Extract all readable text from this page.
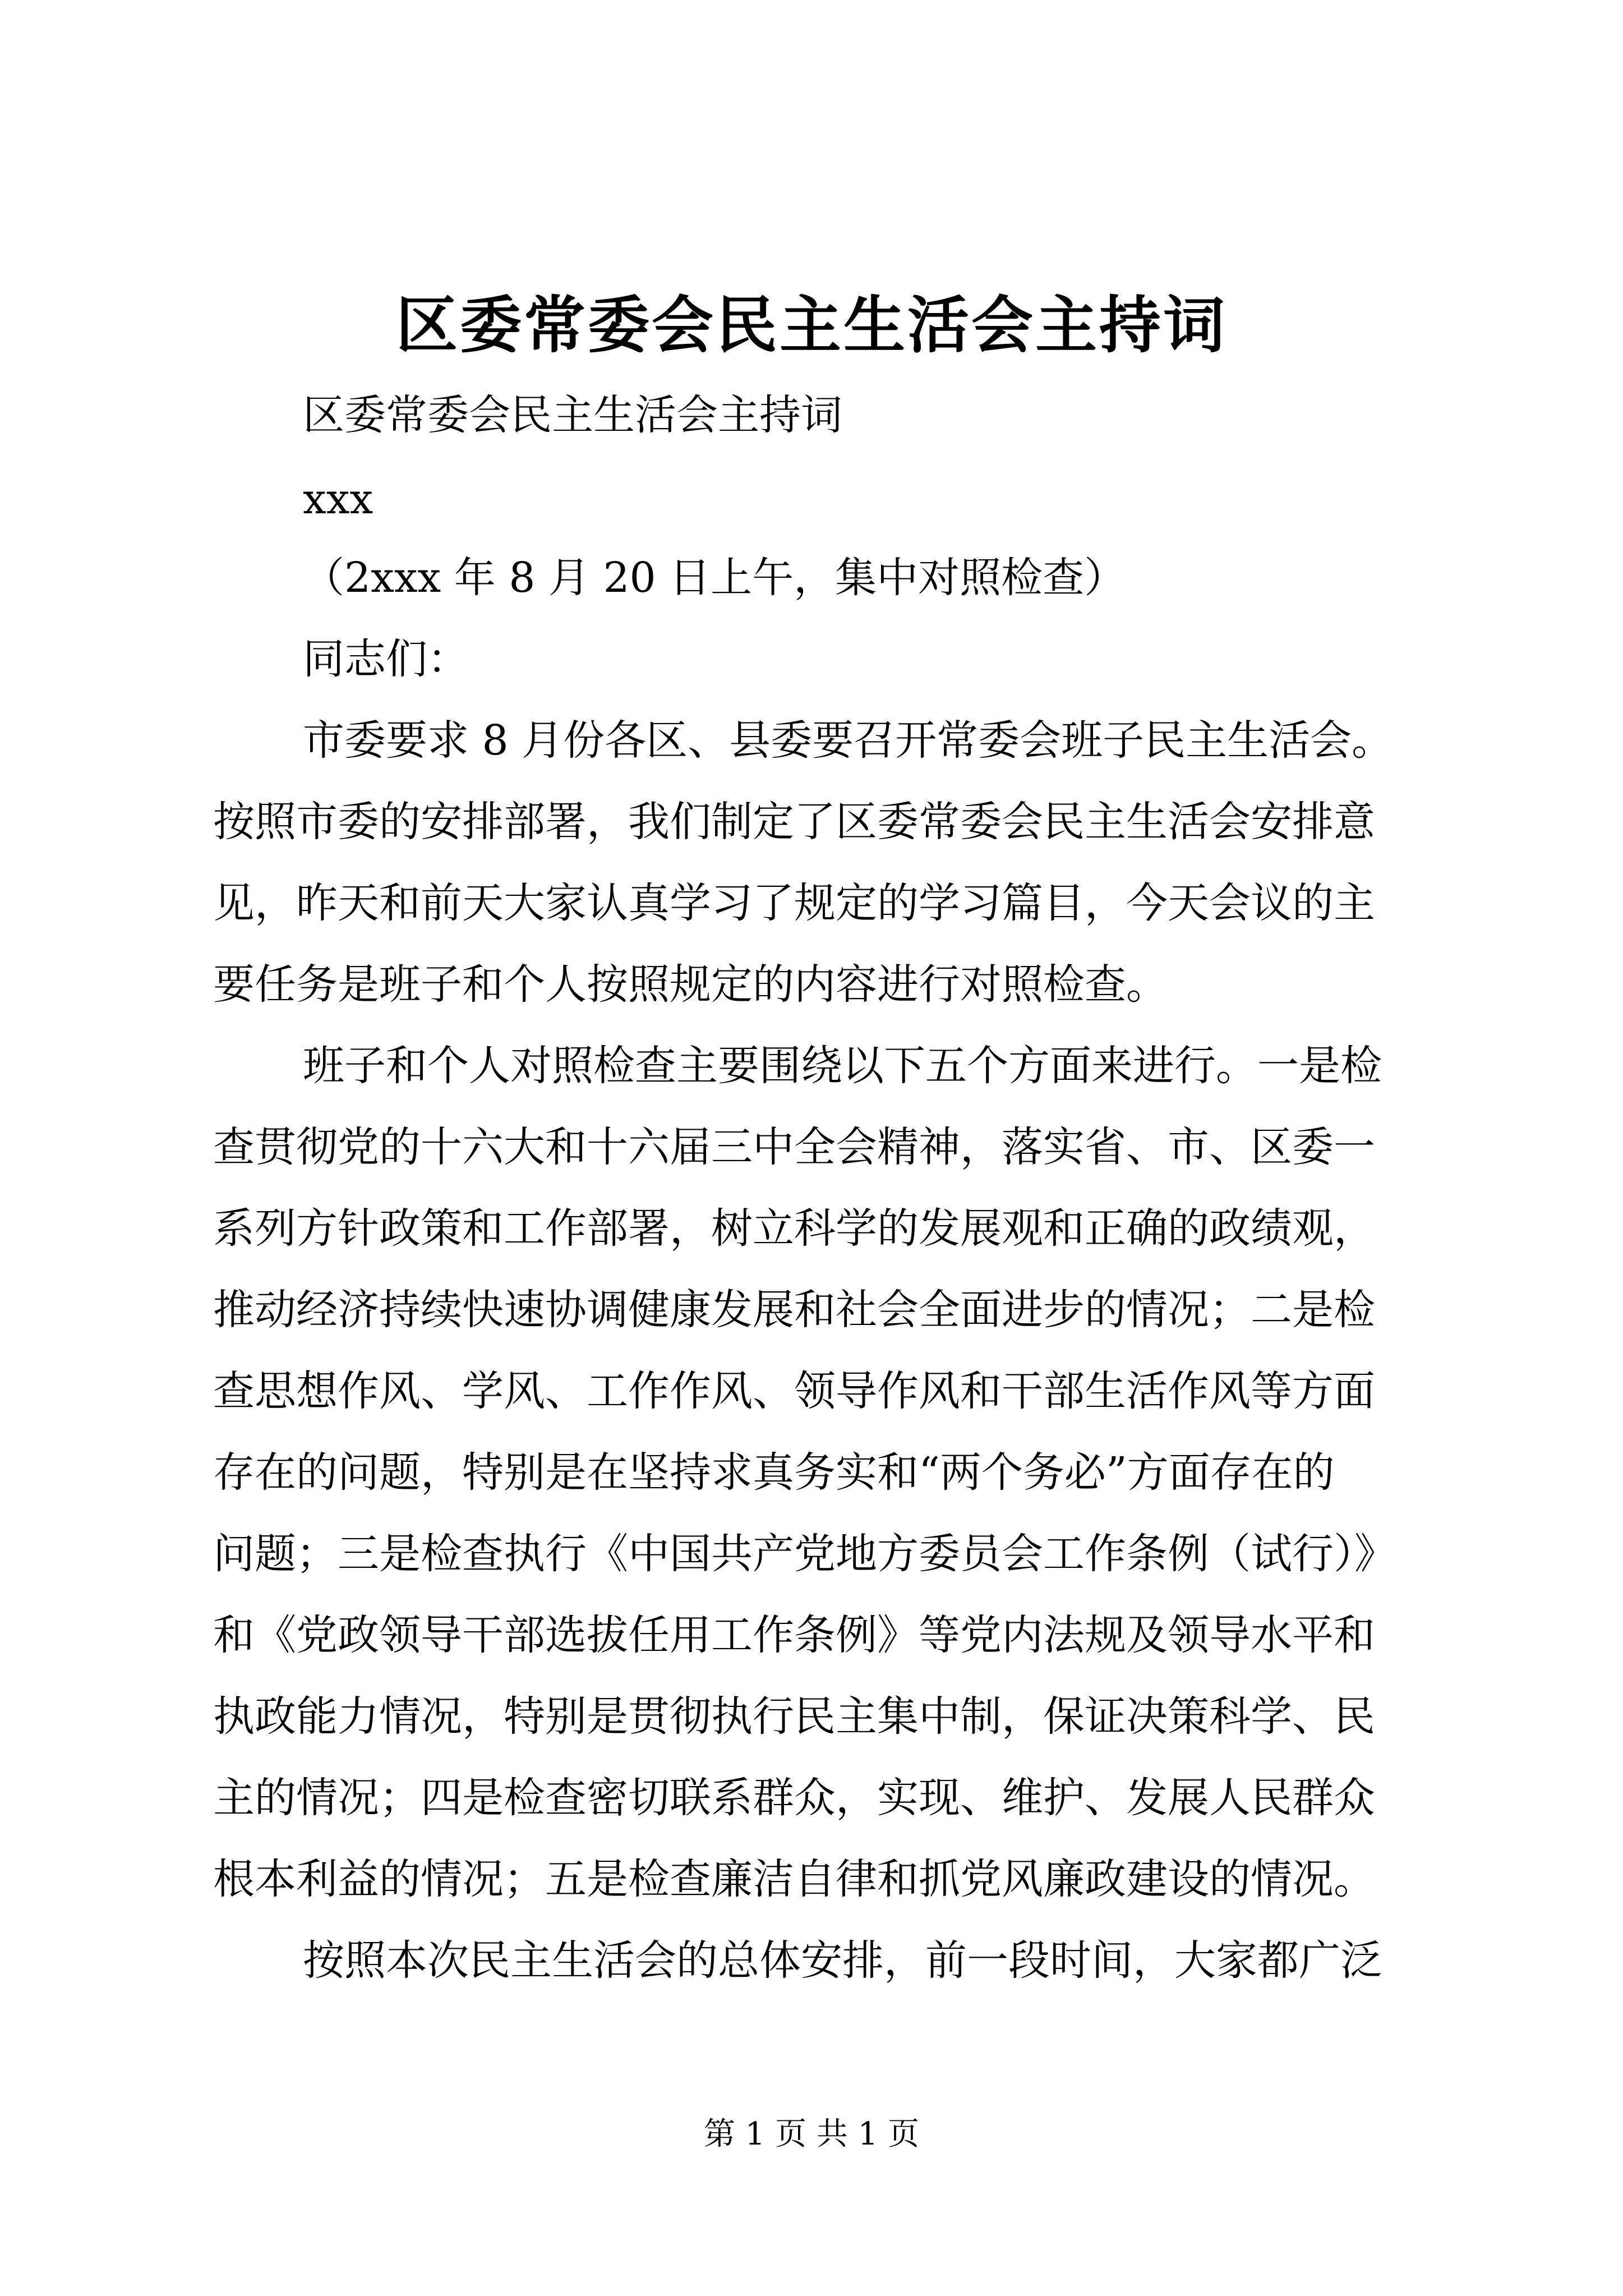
区委常委会民主生活会主持词
区委常委会民主生活会主持词
xxx
（2xxx 年 8 月 20 日上午，集中对照检查）
同志们：
市委要求 8 月份各区、县委要召开常委会班子民主生活会。
按照市委的安排部署，我们制定了区委常委会民主生活会安排意
见，昨天和前天大家认真学习了规定的学习篇目，今天会议的主
要任务是班子和个人按照规定的内容进行对照检查。
班子和个人对照检查主要围绕以下五个方面来进行。一是检
查贯彻党的十六大和十六届三中全会精神，落实省、市、区委一
系列方针政策和工作部署，树立科学的发展观和正确的政绩观，
推动经济持续快速协调健康发展和社会全面进步的情况；二是检
查思想作风、学风、工作作风、领导作风和干部生活作风等方面
存在的问题，特别是在坚持求真务实和“两个务必”方面存在的
问题；三是检查执行《中国共产党地方委员会工作条例（试行）》
和《党政领导干部选拔任用工作条例》等党内法规及领导水平和
执政能力情况，特别是贯彻执行民主集中制，保证决策科学、民
主的情况；四是检查密切联系群众，实现、维护、发展人民群众
根本利益的情况；五是检查廉洁自律和抓党风廉政建设的情况。
按照本次民主生活会的总体安排，前一段时间，大家都广泛
第 1 页 共 1 页
